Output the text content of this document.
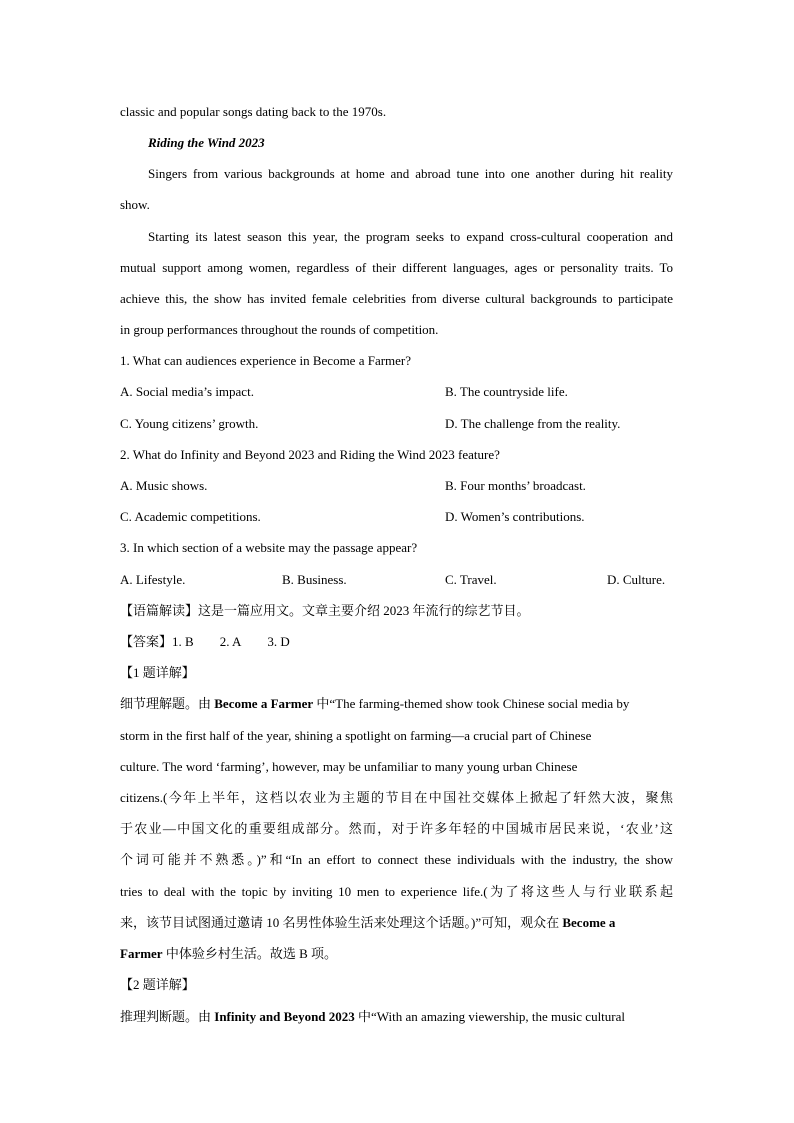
classic and popular songs dating back to the 1970s.
Riding the Wind 2023
Singers from various backgrounds at home and abroad tune into one another during hit reality
show.
Starting its latest season this year, the program seeks to expand cross-cultural cooperation and
mutual support among women, regardless of their different languages, ages or personality traits. To
achieve this, the show has invited female celebrities from diverse cultural backgrounds to participate
in group performances throughout the rounds of competition.
1. What can audiences experience in Become a Farmer?
A. Social media’s impact.	B. The countryside life.
C. Young citizens’ growth.	D. The challenge from the reality.
2. What do Infinity and Beyond 2023 and Riding the Wind 2023 feature?
A. Music shows.	B. Four months’ broadcast.
C. Academic competitions.	D. Women’s contributions.
3. In which section of a website may the passage appear?
A. Lifestyle.	B. Business.	C. Travel.	D. Culture.
【语篇解读】这是一篇应用文。文章主要介绍 2023 年流行的综艺节目。
【答案】1. B 2. A 3. D
【1 题详解】
细节理解题。由 Become a Farmer 中“The farming-themed show took Chinese social media by
storm in the first half of the year, shining a spotlight on farming—a crucial part of Chinese
culture. The word ‘farming’, however, may be unfamiliar to many young urban Chinese
citizens.(今年上半年，这档以农业为主题的节目在中国社交媒体上掀起了轩然大波，聚焦
于农业—中国文化的重要组成部分。然而，对于许多年轻的中国城市居民来说，‘农业’这
个词可能并不熟悉。)”和“In an effort to connect these individuals with the industry, the show
tries to deal with the topic by inviting 10 men to experience life.(为了将这些人与行业联系起
来，该节目试图通过邀请 10 名男性体验生活来处理这个话题。)”可知，观众在 Become a
Farmer 中体验乡村生活。故选 B 项。
【2 题详解】
推理判断题。由 Infinity and Beyond 2023 中“With an amazing viewership, the music cultural
